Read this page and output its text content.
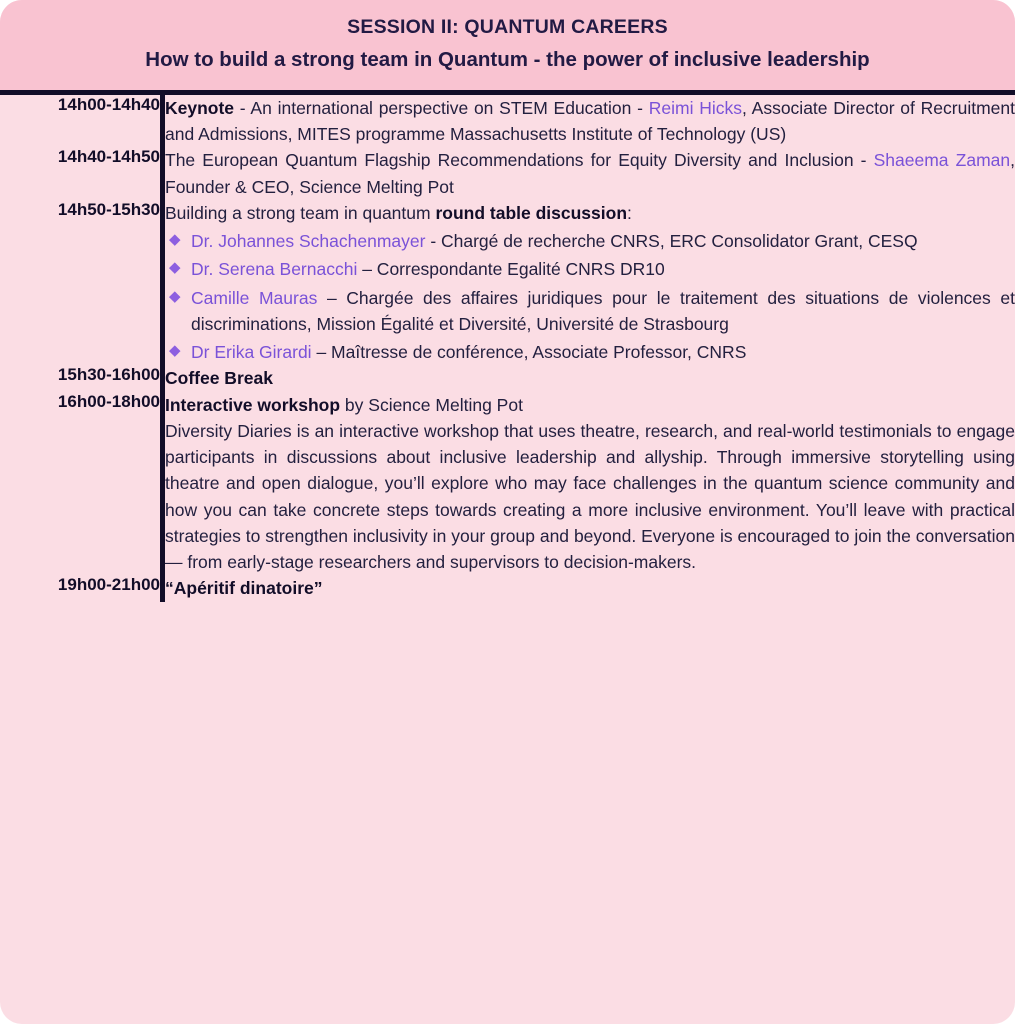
SESSION II: QUANTUM CAREERS
How to build a strong team in Quantum - the power of inclusive leadership
14h00-14h40		Keynote - An international perspective on STEM Education - Reimi Hicks, Associate Director of Recruitment and Admissions, MITES programme Massachusetts Institute of Technology (US)

14h40-14h50		The European Quantum Flagship Recommendations for Equity Diversity and Inclusion - Shaeema Zaman, Founder & CEO, Science Melting Pot

14h50-15h30		Building a strong team in quantum round table discussion:

◆ Dr. Johannes Schachenmayer - Chargé de recherche CNRS, ERC Consolidator Grant, CESQ
◆ Dr. Serena Bernacchi – Correspondante Egalité CNRS DR10
◆ Camille Mauras – Chargée des affaires juridiques pour le traitement des situations de violences et discriminations, Mission Égalité et Diversité, Université de Strasbourg
◆ Dr Erika Girardi – Maîtresse de conférence, Associate Professor, CNRS

15h30-16h00		Coffee Break

16h00-18h00		Interactive workshop by Science Melting Pot

Diversity Diaries is an interactive workshop that uses theatre, research, and real-world testimonials to engage participants in discussions about inclusive leadership and allyship. Through immersive storytelling using theatre and open dialogue, you’ll explore who may face challenges in the quantum science community and how you can take concrete steps towards creating a more inclusive environment. You’ll leave with practical strategies to strengthen inclusivity in your group and beyond. Everyone is encouraged to join the conversation — from early-stage researchers and supervisors to decision-makers.

19h00-21h00		“Apéritif dinatoire”
